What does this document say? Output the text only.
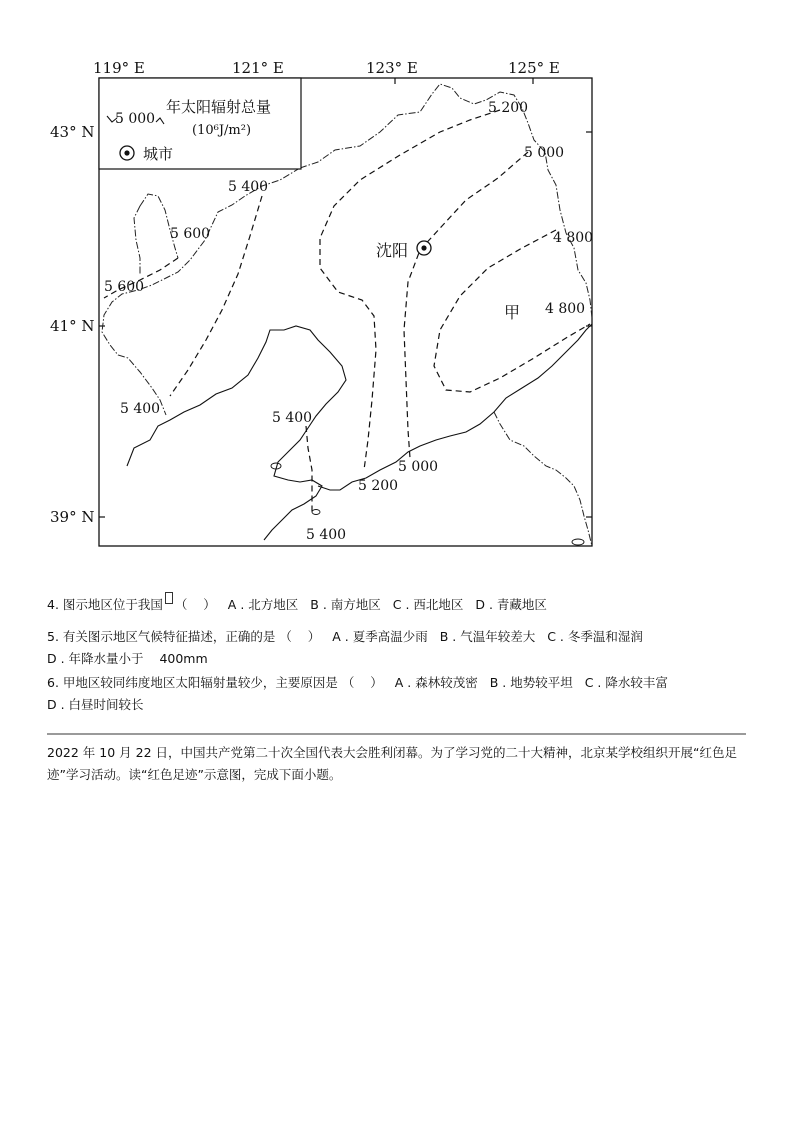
119° E	121° E	123° E	125° E
43° N
41° N
39° N
5 000
年太阳辐射总量
(10⁶J/m²)
城市
5 200
5 000
5 400
5 600
5 600
4 800
4 800
5 400
5 400
5 000
5 200
5 400
沈阳
甲
4. 图示地区位于我国 （    ） A . 北方地区 B . 南方地区 C . 西北地区 D . 青藏地区
5. 有关图示地区气候特征描述，正确的是 （    ） A . 夏季高温少雨 B . 气温年较差大 C . 冬季温和湿润
D . 年降水量小于    400mm
6. 甲地区较同纬度地区太阳辐射量较少，主要原因是 （    ） A . 森林较茂密 B . 地势较平坦 C . 降水较丰富
D . 白昼时间较长
2022 年 10 月 22 日，中国共产党第二十次全国代表大会胜利闭幕。为了学习党的二十大精神，北京某学校组织开展“红色足迹”学习活动。读“红色足迹”示意图，完成下面小题。
